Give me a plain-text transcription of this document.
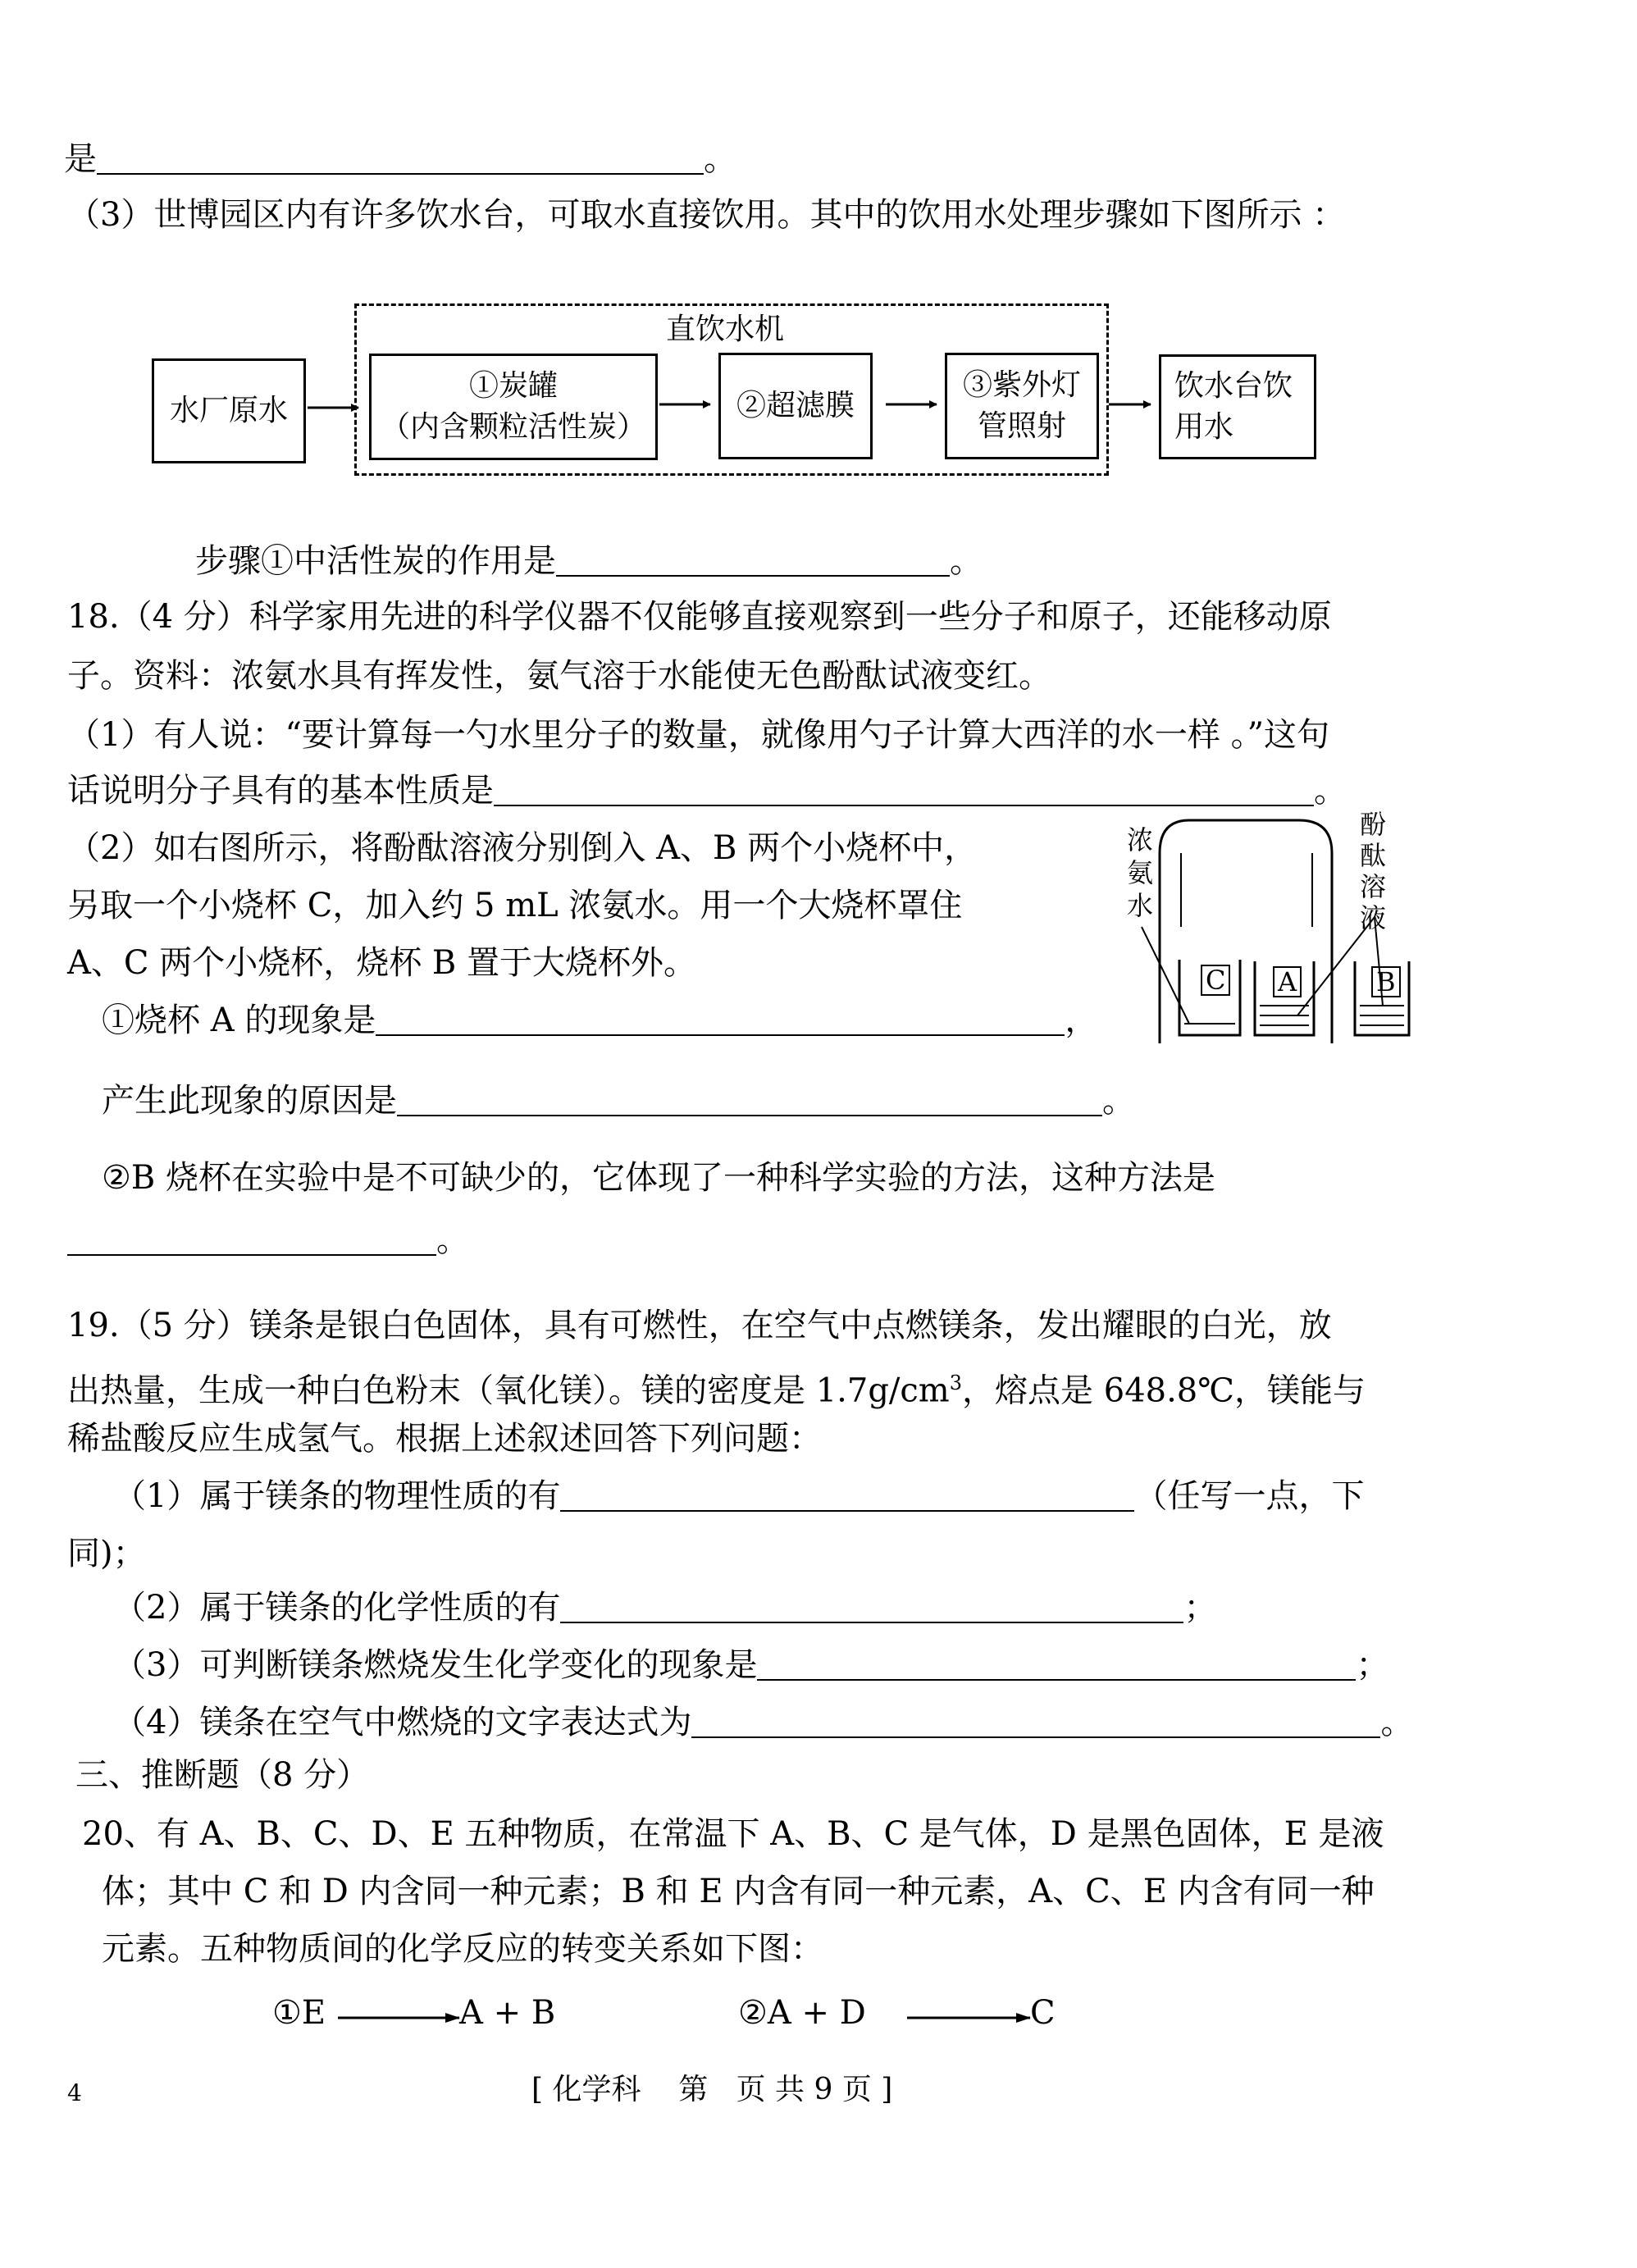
是	。
（3）世博园区内有许多饮水台，可取水直接饮用。其中的饮用水处理步骤如下图所示 ：
直饮水机
水厂原水
①炭罐
（内含颗粒活性炭）
②超滤膜
③紫外灯
管照射
饮水台饮
用水
步骤①中活性炭的作用是	。
18.（4 分）科学家用先进的科学仪器不仅能够直接观察到一些分子和原子，还能移动原
子。资料：浓氨水具有挥发性，氨气溶于水能使无色酚酞试液变红。
（1）有人说：“要计算每一勺水里分子的数量，就像用勺子计算大西洋的水一样 。”这句
话说明分子具有的基本性质是	。
（2）如右图所示，将酚酞溶液分别倒入 A、B 两个小烧杯中，
另取一个小烧杯 C，加入约 5 mL 浓氨水。用一个大烧杯罩住
A、C 两个小烧杯，烧杯 B 置于大烧杯外。
①烧杯 A 的现象是	，
产生此现象的原因是	。
②B 烧杯在实验中是不可缺少的，它体现了一种科学实验的方法，这种方法是
。
浓
氨
水
酚
酞
溶
液
C A	B
19.（5 分）镁条是银白色固体，具有可燃性，在空气中点燃镁条，发出耀眼的白光，放
出热量，生成一种白色粉末（氧化镁）。镁的密度是 $1.7g/cm^3$，熔点是 648.8℃，镁能与
稀盐酸反应生成氢气。根据上述叙述回答下列问题：
（1）属于镁条的物理性质的有	（任写一点，下
同)；
（2）属于镁条的化学性质的有	；
（3）可判断镁条燃烧发生化学变化的现象是	；
（4）镁条在空气中燃烧的文字表达式为	。
三、推断题（8 分）
20、有 A、B、C、D、E 五种物质，在常温下 A、B、C 是气体，D 是黑色固体，E 是液
体；其中 C 和 D 内含同一种元素；B 和 E 内含有同一种元素，A、C、E 内含有同一种
元素。五种物质间的化学反应的转变关系如下图：
①E	A + B	②A + D	C
4	[ 化学科    第   页 共 9 页 ]
